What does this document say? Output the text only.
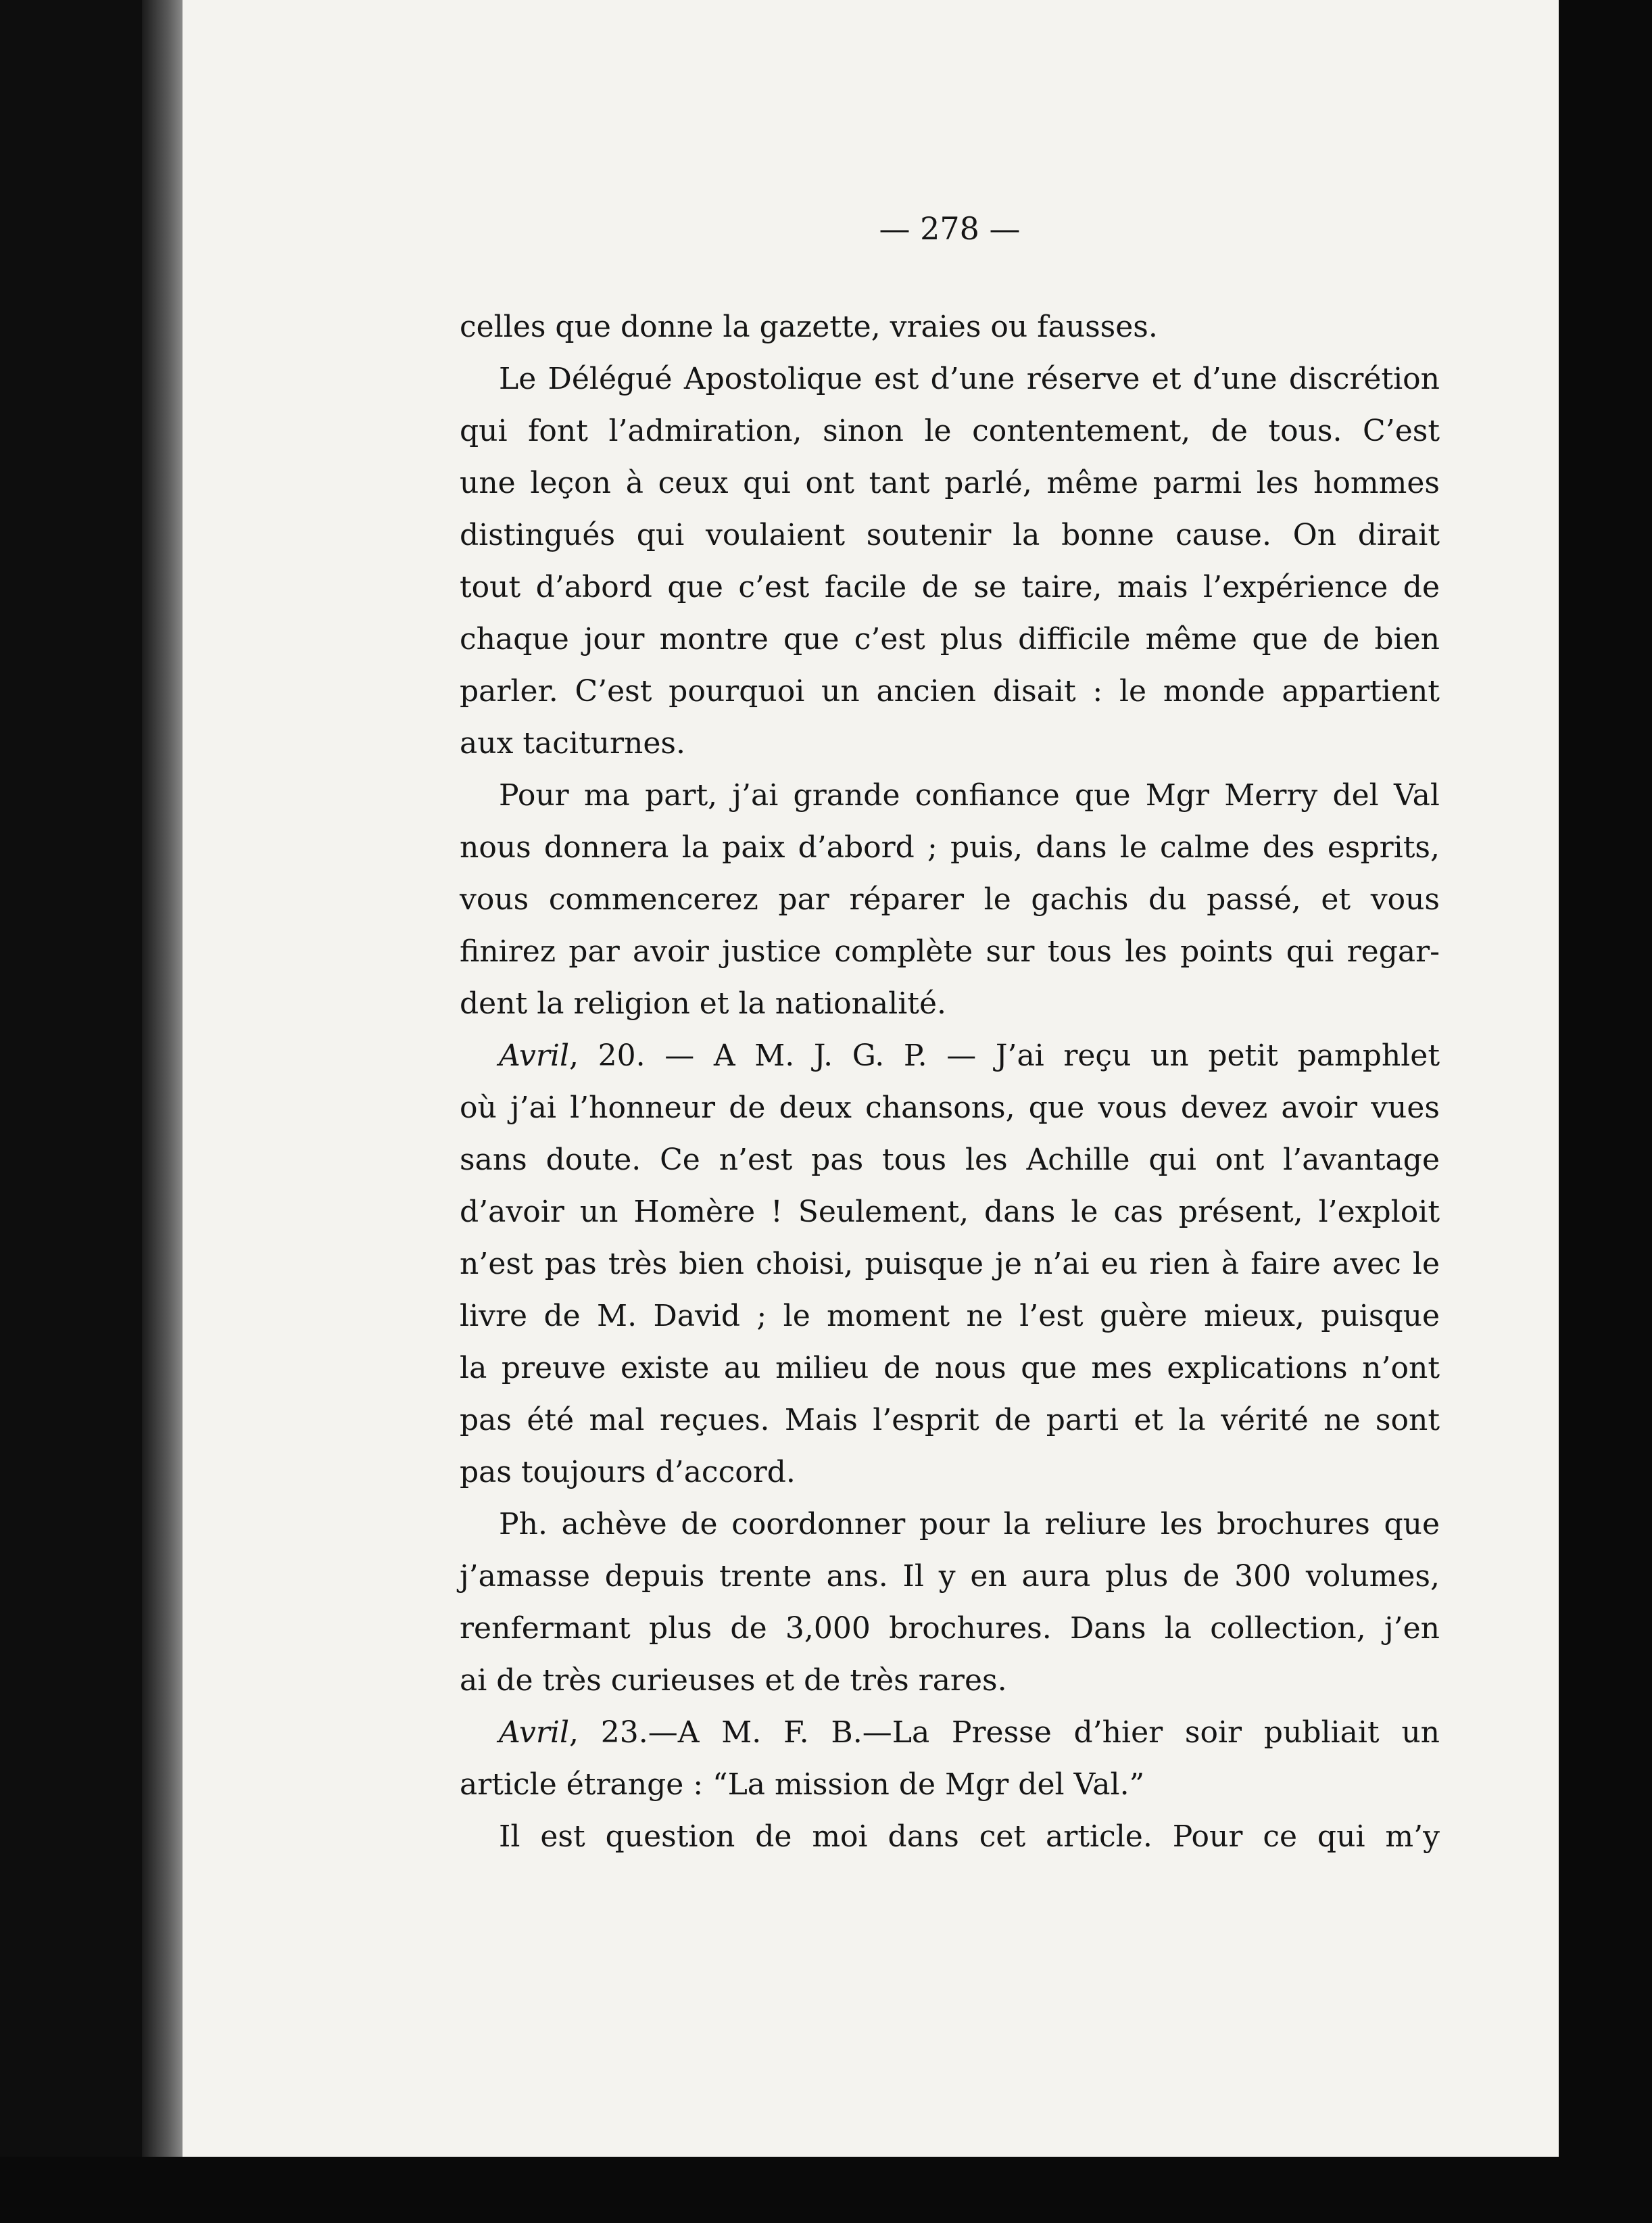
— 278 —
celles que donne la gazette, vraies ou fausses.
Le Délégué Apostolique est d’une réserve et d’une discrétion
qui font l’admiration, sinon le contentement, de tous. C’est
une leçon à ceux qui ont tant parlé, même parmi les hommes
distingués qui voulaient soutenir la bonne cause. On dirait
tout d’abord que c’est facile de se taire, mais l’expérience de
chaque jour montre que c’est plus difficile même que de bien
parler. C’est pourquoi un ancien disait : le monde appartient
aux taciturnes.
Pour ma part, j’ai grande confiance que Mgr Merry del Val
nous donnera la paix d’abord ; puis, dans le calme des esprits,
vous commencerez par réparer le gachis du passé, et vous
finirez par avoir justice complète sur tous les points qui regar-
dent la religion et la nationalité.
Avril, 20. — A M. J. G. P. — J’ai reçu un petit pamphlet
où j’ai l’honneur de deux chansons, que vous devez avoir vues
sans doute. Ce n’est pas tous les Achille qui ont l’avantage
d’avoir un Homère ! Seulement, dans le cas présent, l’exploit
n’est pas très bien choisi, puisque je n’ai eu rien à faire avec le
livre de M. David ; le moment ne l’est guère mieux, puisque
la preuve existe au milieu de nous que mes explications n’ont
pas été mal reçues. Mais l’esprit de parti et la vérité ne sont
pas toujours d’accord.
Ph. achève de coordonner pour la reliure les brochures que
j’amasse depuis trente ans. Il y en aura plus de 300 volumes,
renfermant plus de 3,000 brochures. Dans la collection, j’en
ai de très curieuses et de très rares.
Avril, 23.—A M. F. B.—La Presse d’hier soir publiait un
article étrange : “La mission de Mgr del Val.”
Il est question de moi dans cet article. Pour ce qui m’y
